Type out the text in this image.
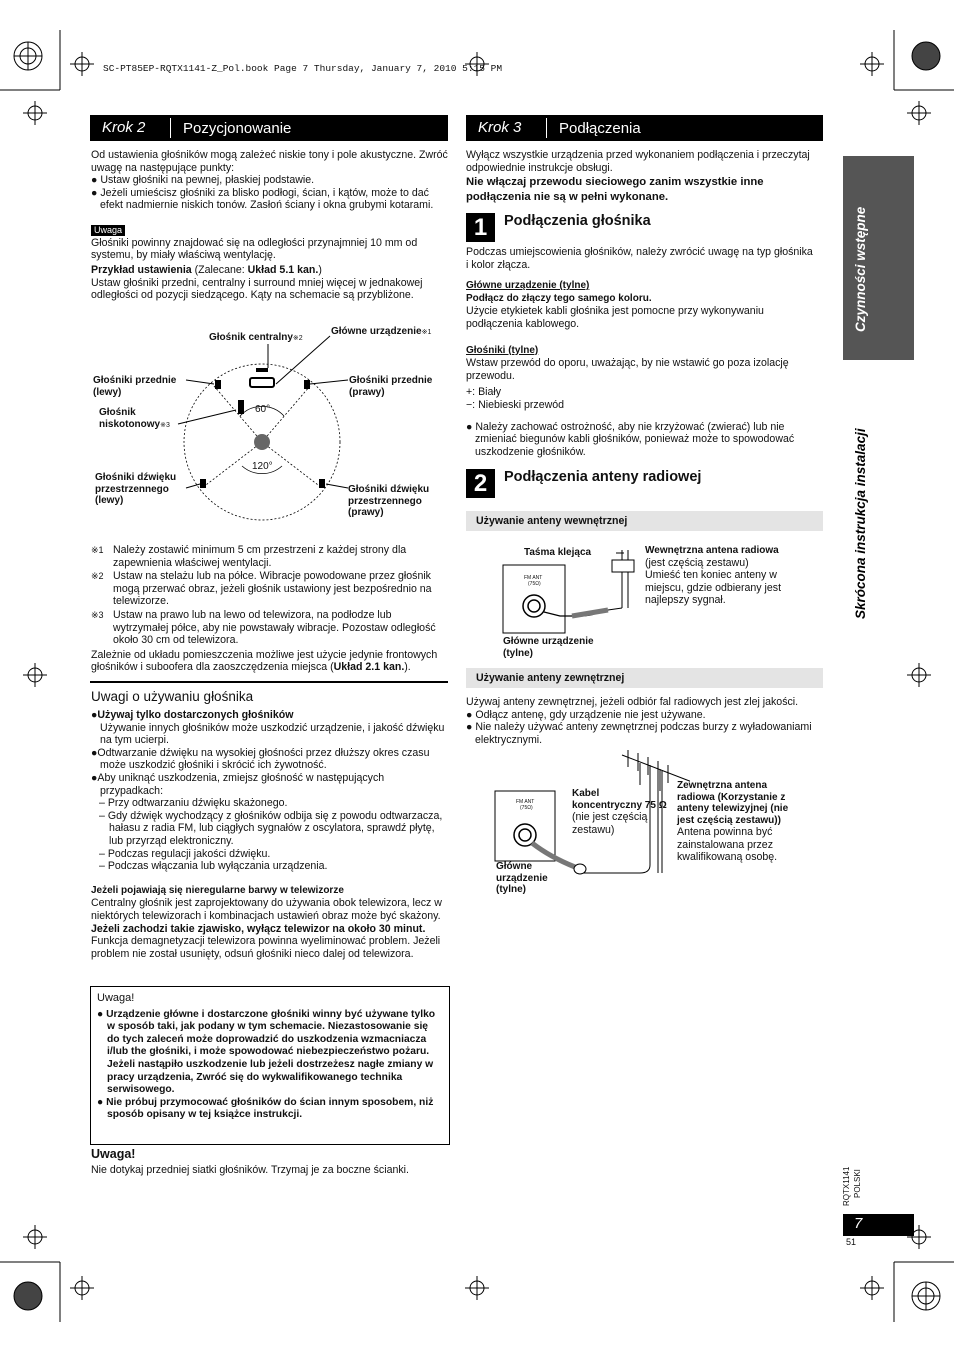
SC-PT85EP-RQTX1141-Z_Pol.book Page 7 Thursday, January 7, 2010 5:15 PM
Krok 2	Pozycjonowanie
Od ustawienia głośników mogą zależeć niskie tony i pole akustyczne. Zwróć uwagę na następujące punkty:
● Ustaw głośniki na pewnej, płaskiej podstawie.
● Jeżeli umieścisz głośniki za blisko podłogi, ścian, i kątów, może to dać efekt nadmiernie niskich tonów. Zasłoń ściany i okna grubymi kotarami.
Uwaga
Głośniki powinny znajdować się na odległości przynajmniej 10 mm od systemu, by miały właściwą wentylację.
Przykład ustawienia (Zalecane: Układ 5.1 kan.)
Ustaw głośniki przedni, centralny i surround mniej więcej w jednakowej odległości od pozycji siedzącego. Kąty na schemacie są przybliżone.
Głośnik centralny※2
Główne urządzenie※1
Głośniki przednie (lewy)
Głośniki przednie (prawy)
Głośnik niskotonowy※3
60°
120°
Głośniki dźwięku przestrzennego (lewy)
Głośniki dźwięku przestrzennego (prawy)
※1 Należy zostawić minimum 5 cm przestrzeni z każdej strony dla zapewnienia właściwej wentylacji.
※2 Ustaw na stelażu lub na półce. Wibracje powodowane przez głośnik mogą przerwać obraz, jeżeli głośnik ustawiony jest bezpośrednio na telewizorze.
※3 Ustaw na prawo lub na lewo od telewizora, na podłodze lub wytrzymałej półce, aby nie powstawały wibracje. Pozostaw odległość około 30 cm od telewizora.
Zależnie od układu pomieszczenia możliwe jest użycie jedynie frontowych głośników i suboofera dla zaoszczędzenia miejsca (Układ 2.1 kan.).
Uwagi o używaniu głośnika
●Używaj tylko dostarczonych głośników
Używanie innych głośników może uszkodzić urządzenie, i jakość dźwięku na tym ucierpi.
●Odtwarzanie dźwięku na wysokiej głośności przez dłuższy okres czasu może uszkodzić głośniki i skrócić ich żywotność.
●Aby uniknąć uszkodzenia, zmiejsz głośność w następujących przypadkach:
– Przy odtwarzaniu dźwięku skażonego.
– Gdy dźwięk wychodzący z głośników odbija się z powodu odtwarzacza, hałasu z radia FM, lub ciągłych sygnałów z oscylatora, sprawdź płytę, lub przyrząd elektroniczny.
– Podczas regulacji jakości dźwięku.
– Podczas włączania lub wyłączania urządzenia.
Jeżeli pojawiają się nieregularne barwy w telewizorze
Centralny głośnik jest zaprojektowany do używania obok telewizora, lecz w niektórych telewizorach i kombinacjach ustawień obraz może być skażony.
Jeżeli zachodzi takie zjawisko, wyłącz telewizor na około 30 minut.
Funkcja demagnetyzacji telewizora powinna wyeliminować problem. Jeżeli problem nie został usunięty, odsuń głośniki nieco dalej od telewizora.
Uwaga!
● Urządzenie główne i dostarczone głośniki winny być używane tylko w sposób taki, jak podany w tym schemacie. Niezastosowanie się do tych zaleceń może doprowadzić do uszkodzenia wzmacniacza i/lub the głośniki, i może spowodować niebezpieczeństwo pożaru. Jeżeli nastąpiło uszkodzenie lub jeżeli dostrzeżesz nagłe zmiany w pracy urządzenia, Zwróć się do wykwalifikowanego technika serwisowego.
● Nie próbuj przymocować głośników do ścian innym sposobem, niż sposób opisany w tej książce instrukcji.
Uwaga!
Nie dotykaj przedniej siatki głośników. Trzymaj je za boczne ścianki.
Krok 3	Podłączenia
Wyłącz wszystkie urządzenia przed wykonaniem podłączenia i przeczytaj odpowiednie instrukcje obsługi.
Nie włączaj przewodu sieciowego zanim wszystkie inne podłączenia nie są w pełni wykonane.
1	Podłączenia głośnika
Podczas umiejscowienia głośników, należy zwrócić uwagę na typ głośnika i kolor złącza.
Główne urządzenie (tylne)
Podłącz do złączy tego samego koloru.
Użycie etykietek kabli głośnika jest pomocne przy wykonywaniu podłączenia kablowego.
Głośniki (tylne)
Wstaw przewód do oporu, uważając, by nie wstawić go poza izolację przewodu.
+: Biały
−: Niebieski przewód
● Należy zachować ostrożność, aby nie krzyżować (zwierać) lub nie zmieniać biegunów kabli głośników, ponieważ może to spowodować uszkodzenie głośników.
2	Podłączenia anteny radiowej
Używanie anteny wewnętrznej
FM ANT
(75Ω)
Taśma klejąca	Wewnętrzna antena radiowa
(jest częścią zestawu)
Umieść ten koniec anteny w miejscu, gdzie odbierany jest najlepszy sygnał.
Główne urządzenie (tylne)
Używanie anteny zewnętrznej
Używaj anteny zewnętrznej, jeżeli odbiór fal radiowych jest zlej jakości.
● Odłącz antenę, gdy urządzenie nie jest używane.
● Nie należy używać anteny zewnętrznej podczas burzy z wyładowaniami elektrycznymi.
FM ANT
(75Ω)
Kabel koncentryczny 75 Ω
(nie jest częścią zestawu)
Zewnętrzna antena radiowa (Korzystanie z anteny telewizyjnej (nie jest częścią zestawu))
Antena powinna być zainstalowana przez kwalifikowaną osobę.
Główne urządzenie (tylne)
Czynności wstępne
Skrócona instrukcja instalacji
RQTX1141 POLSKI
7
51
